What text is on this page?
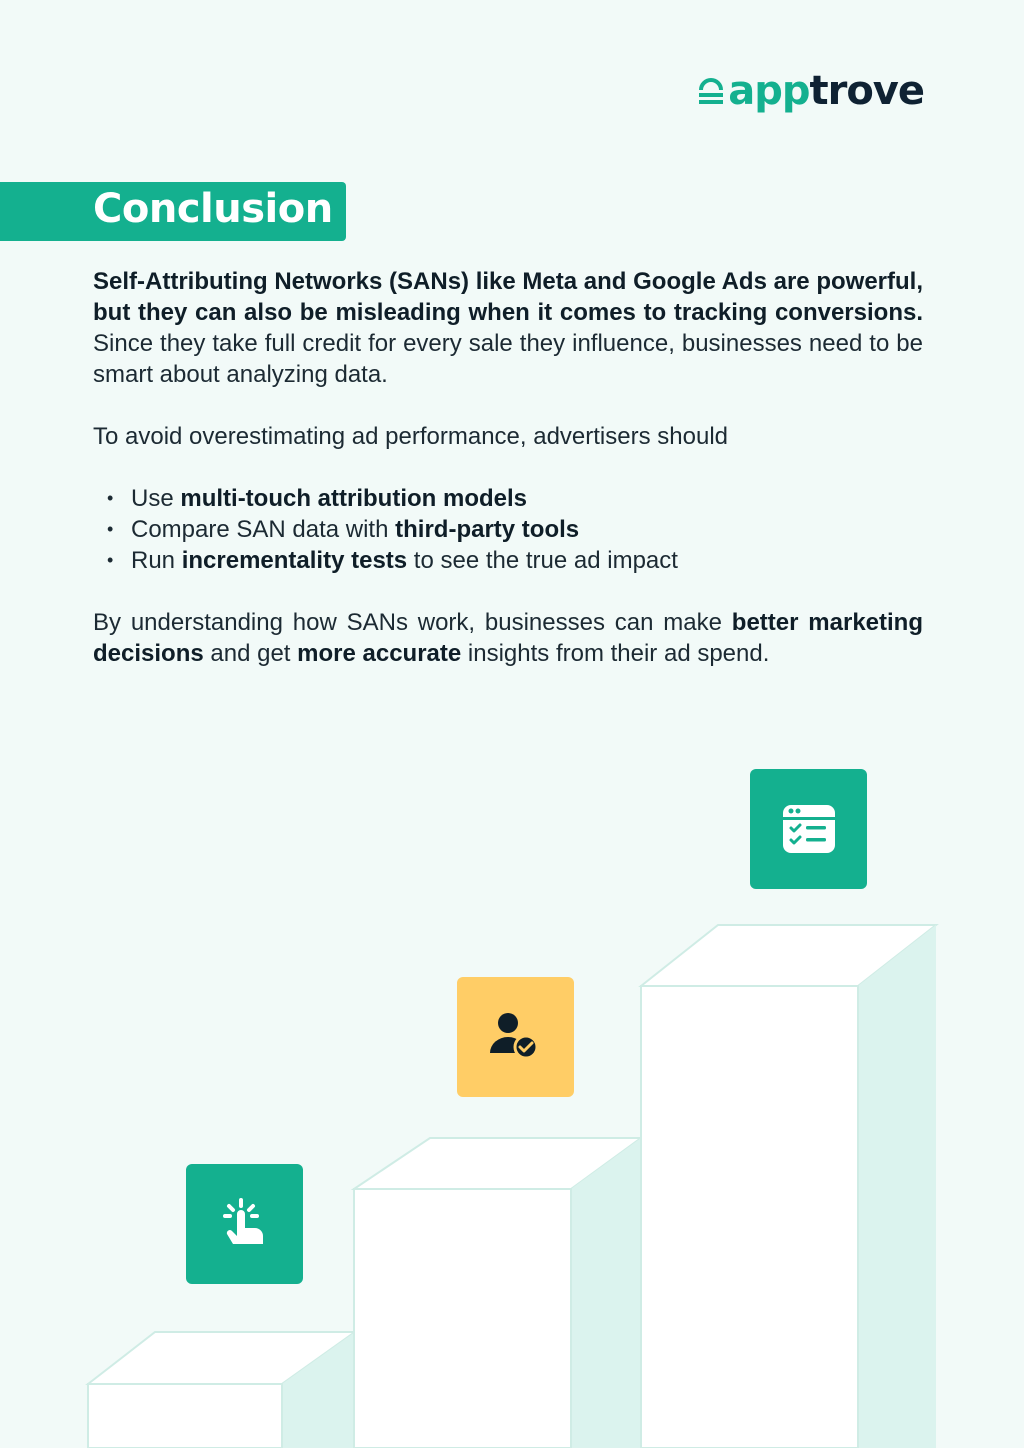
app trove
Conclusion

Self-Attributing Networks (SANs) like Meta and Google Ads are powerful, but they can also be misleading when it comes to tracking conversions. Since they take full credit for every sale they influence, businesses need to be smart about analyzing data.

To avoid overestimating ad performance, advertisers should

• Use multi-touch attribution models
• Compare SAN data with third-party tools
• Run incrementality tests to see the true ad impact

By understanding how SANs work, businesses can make better marketing decisions and get more accurate insights from their ad spend.
